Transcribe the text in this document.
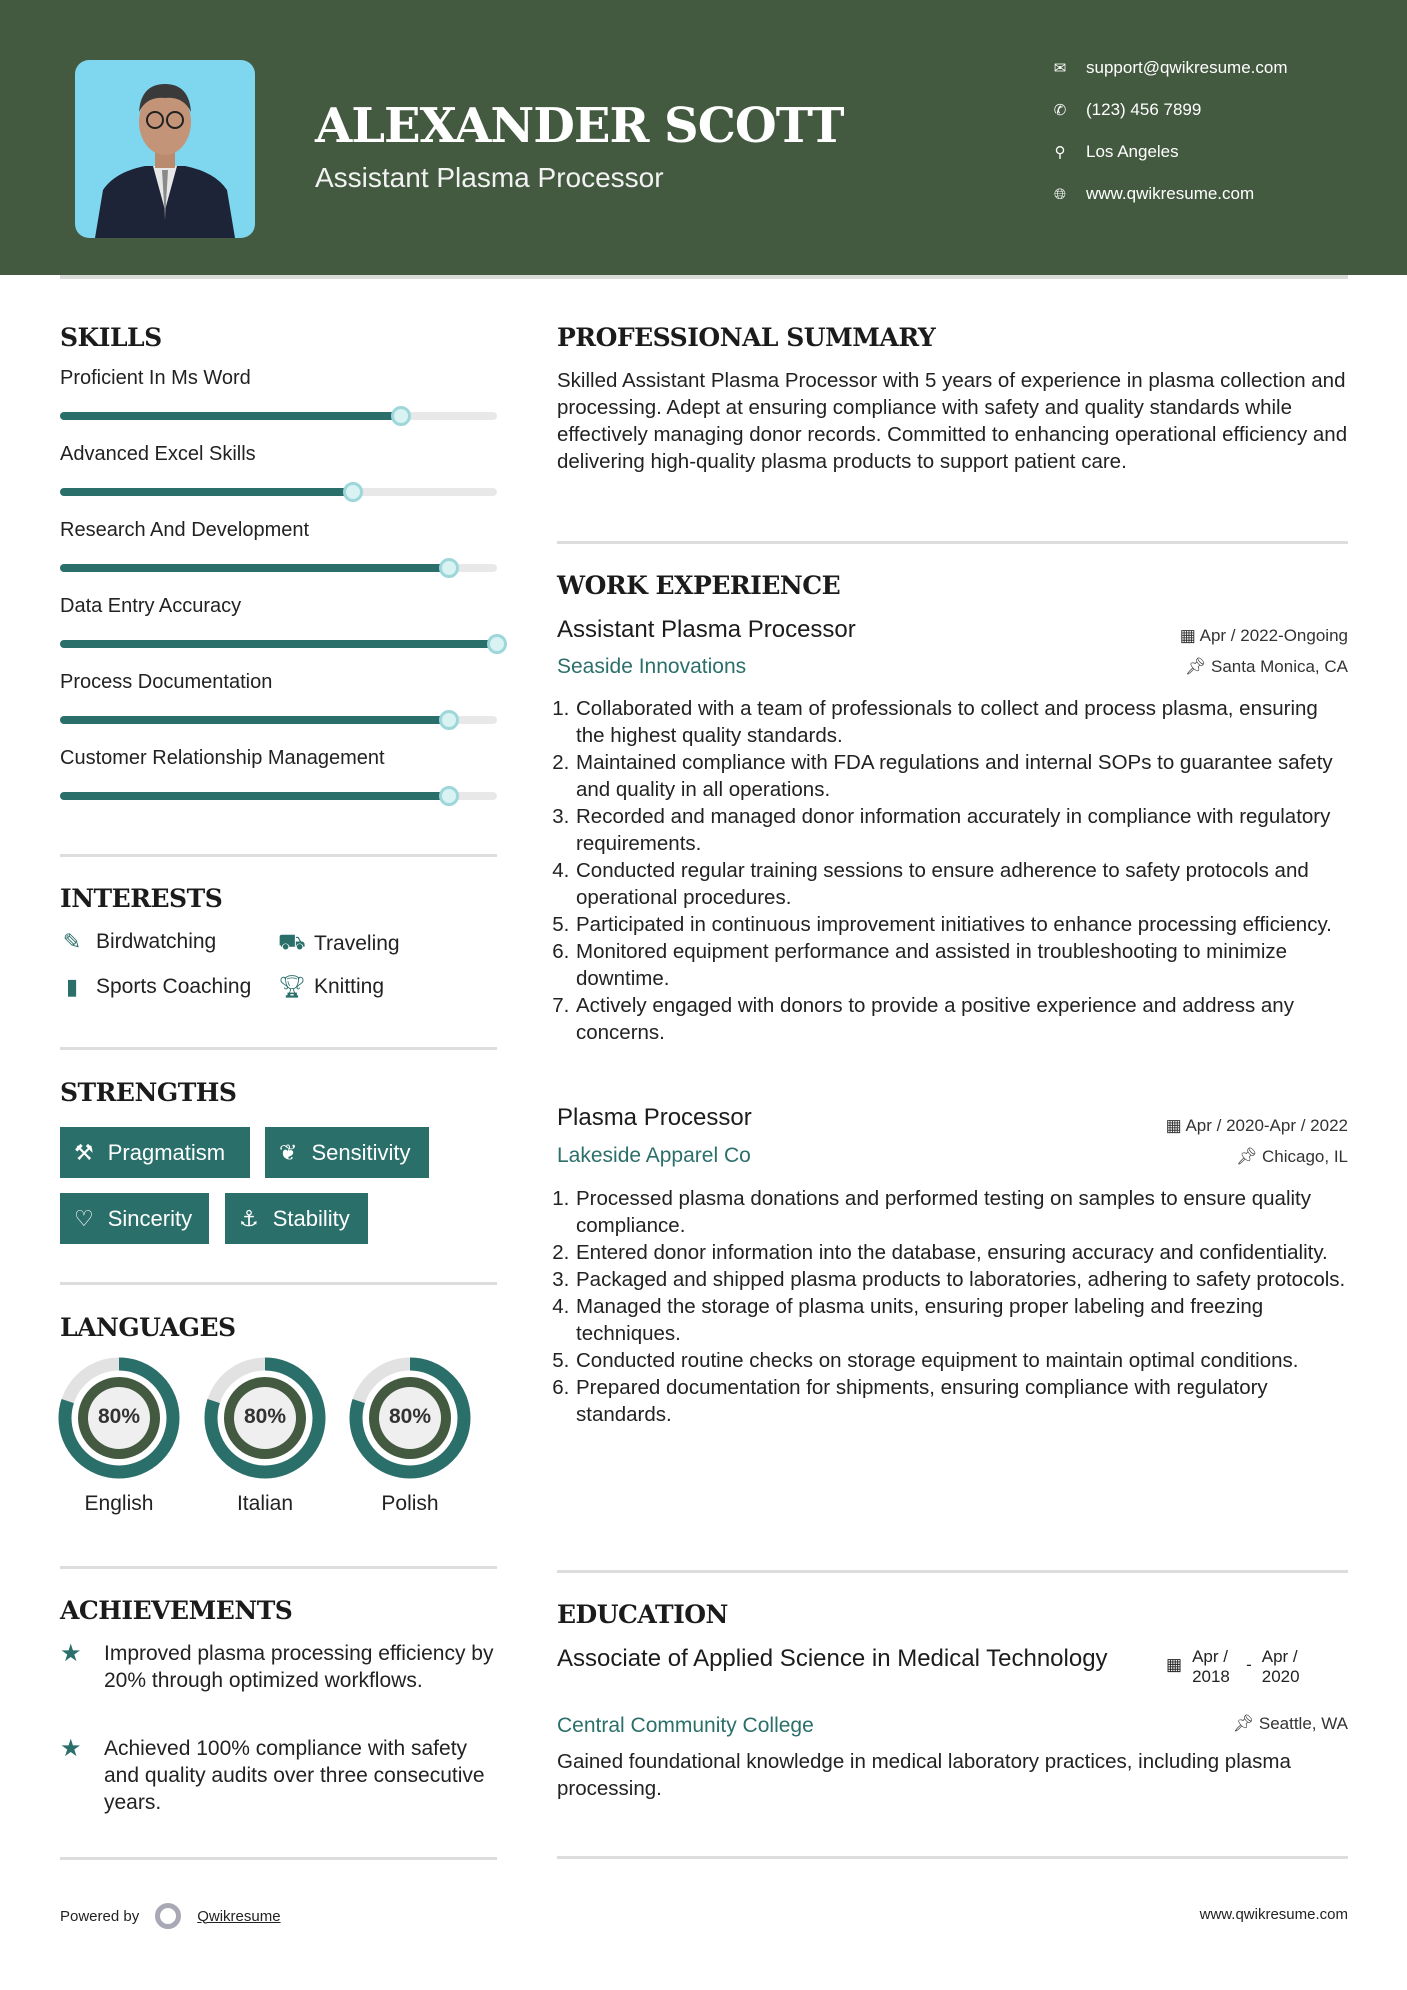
ALEXANDER SCOTT
Assistant Plasma Processor
✉ support@qwikresume.com
✆ (123) 456 7899
⚲ Los Angeles
🌐︎ www.qwikresume.com
SKILLS
Proficient In Ms Word
Advanced Excel Skills
Research And Development
Data Entry Accuracy
Process Documentation
Customer Relationship Management
INTERESTS
✎ Birdwatching	⛟ Traveling
▮ Sports Coaching 🏆︎ Knitting
STRENGTHS
⚒ Pragmatism ❦ Sensitivity
♡ Sincerity ⚓︎ Stability
LANGUAGES
80%
English
80%
Italian
80%
Polish
ACHIEVEMENTS
★	Improved plasma processing efficiency by 20% through optimized workflows.
★	Achieved 100% compliance with safety and quality audits over three consecutive years.
PROFESSIONAL SUMMARY
Skilled Assistant Plasma Processor with 5 years of experience in plasma collection and processing. Adept at ensuring compliance with safety and quality standards while effectively managing donor records. Committed to enhancing operational efficiency and delivering high-quality plasma products to support patient care.
WORK EXPERIENCE
Assistant Plasma Processor	▦ Apr / 2022-Ongoing
Seaside Innovations	📌︎ Santa Monica, CA
1. Collaborated with a team of professionals to collect and process plasma, ensuring the highest quality standards.
2. Maintained compliance with FDA regulations and internal SOPs to guarantee safety and quality in all operations.
3. Recorded and managed donor information accurately in compliance with regulatory requirements.
4. Conducted regular training sessions to ensure adherence to safety protocols and operational procedures.
5. Participated in continuous improvement initiatives to enhance processing efficiency.
6. Monitored equipment performance and assisted in troubleshooting to minimize downtime.
7. Actively engaged with donors to provide a positive experience and address any concerns.
Plasma Processor	▦ Apr / 2020-Apr / 2022
Lakeside Apparel Co	📌︎ Chicago, IL
1. Processed plasma donations and performed testing on samples to ensure quality compliance.
2. Entered donor information into the database, ensuring accuracy and confidentiality.
3. Packaged and shipped plasma products to laboratories, adhering to safety protocols.
4. Managed the storage of plasma units, ensuring proper labeling and freezing techniques.
5. Conducted routine checks on storage equipment to maintain optimal conditions.
6. Prepared documentation for shipments, ensuring compliance with regulatory standards.
EDUCATION
Associate of Applied Science in Medical Technology	▦ Apr / 2018
- Apr / 2020
Central Community College	📌︎ Seattle, WA
Gained foundational knowledge in medical laboratory practices, including plasma processing.
Powered by	Qwikresume	www.qwikresume.com
